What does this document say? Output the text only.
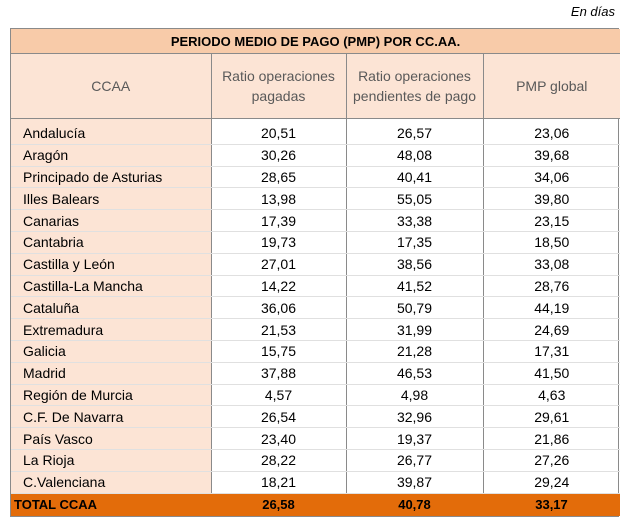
En días
PERIODO MEDIO DE PAGO (PMP) POR CC.AA.			
CCAA	Ratio operaciones pagadas	Ratio operaciones pendientes de pago	PMP global

Andalucía	20,51	26,57	23,06
Aragón	30,26	48,08	39,68
Principado de Asturias	28,65	40,41	34,06
Illes Balears	13,98	55,05	39,80
Canarias	17,39	33,38	23,15
Cantabria	19,73	17,35	18,50
Castilla y León	27,01	38,56	33,08
Castilla-La Mancha	14,22	41,52	28,76
Cataluña	36,06	50,79	44,19
Extremadura	21,53	31,99	24,69
Galicia	15,75	21,28	17,31
Madrid	37,88	46,53	41,50
Región de Murcia	4,57	4,98	4,63
C.F. De Navarra	26,54	32,96	29,61
País Vasco	23,40	19,37	21,86
La Rioja	28,22	26,77	27,26
C.Valenciana	18,21	39,87	29,24
TOTAL CCAA	26,58	40,78	33,17
